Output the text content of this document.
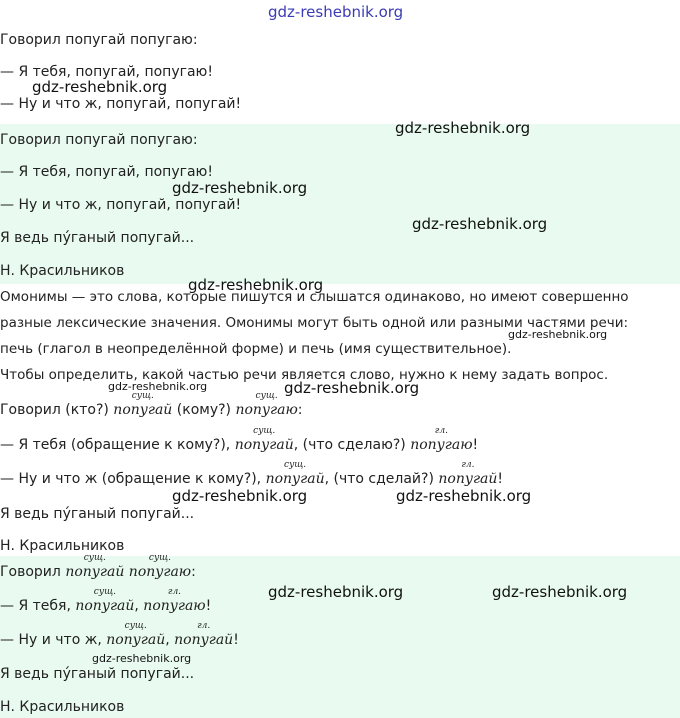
Говорил попугай попугаю:
— Я тебя, попугай, попугаю!
— Ну и что ж, попугай, попугай!
Говорил попугай попугаю:
— Я тебя, попугай, попугаю!
— Ну и что ж, попугай, попугай!
Я ведь пу́ганый попугай...
Н. Красильников
Омонимы — это слова, которые пишутся и слышатся одинаково, но имеют совершенно
разные лексические значения. Омонимы могут быть одной или разными частями речи:
печь (глагол в неопределённой форме) и печь (имя существительное).
Чтобы определить, какой частью речи является слово, нужно к нему задать вопрос.
Говорил (кто?)
сущ.
попугай (кому?)
сущ.
попугаю:
— Я тебя (обращение к кому?),
сущ.
попугай, (что сделаю?)
гл.
попугаю!
— Ну и что ж (обращение к кому?),
сущ.
попугай, (что сделай?)
гл.
попугай!
Я ведь пу́ганый попугай...
Н. Красильников
Говорил
сущ.
попугай
сущ.
попугаю:
— Я тебя,
сущ.
попугай,
гл.
попугаю!
— Ну и что ж,
сущ.
попугай,
гл.
попугай!
Я ведь пу́ганый попугай...
Н. Красильников
gdz-reshebnik.org
gdz-reshebnik.org
gdz-reshebnik.org
gdz-reshebnik.org
gdz-reshebnik.org
gdz-reshebnik.org
gdz-reshebnik.org
gdz-reshebnik.org	gdz-reshebnik.org
gdz-reshebnik.org	gdz-reshebnik.org
gdz-reshebnik.org	gdz-reshebnik.org
gdz-reshebnik.org
